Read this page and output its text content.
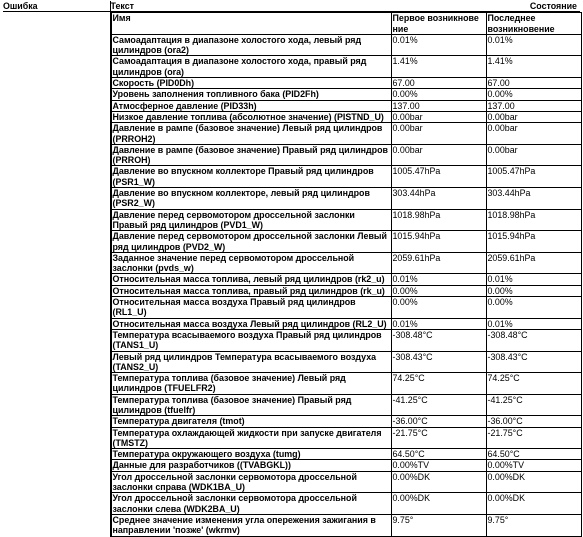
Ошибка	Текст	Состояние

Имя	Первое возникнове ние	Последнее возникновение
Самоадаптация в диапазоне холостого хода, левый ряд цилиндров (ora2)	0.01%	0.01%
Самоадаптация в диапазоне холостого хода, правый ряд цилиндров (ora)	1.41%	1.41%
Скорость (PID0Dh)	67.00	67.00
Уровень заполнения топливного бака (PID2Fh)	0.00%	0.00%
Атмосферное давление (PID33h)	137.00	137.00
Низкое давление топлива (абсолютное значение) (PISTND_U)	0.00bar	0.00bar
Давление в рампе (базовое значение) Левый ряд цилиндров (PRROH2)	0.00bar	0.00bar
Давление в рампе (базовое значение) Правый ряд цилиндров (PRROH)	0.00bar	0.00bar
Давление во впускном коллекторе Правый ряд цилиндров (PSR1_W)	1005.47hPa	1005.47hPa
Давление во впускном коллекторе, левый ряд цилиндров (PSR2_W)	303.44hPa	303.44hPa
Давление перед сервомотором дроссельной заслонки Правый ряд цилиндров (PVD1_W)	1018.98hPa	1018.98hPa
Давление перед сервомотором дроссельной заслонки Левый ряд цилиндров (PVD2_W)	1015.94hPa	1015.94hPa
Заданное значение перед сервомотором дроссельной заслонки (pvds_w)	2059.61hPa	2059.61hPa
Относительная масса топлива, левый ряд цилиндров (rk2_u)	0.01%	0.01%
Относительная масса топлива, правый ряд цилиндров (rk_u)	0.00%	0.00%
Относительная масса воздуха Правый ряд цилиндров (RL1_U)	0.00%	0.00%
Относительная масса воздуха Левый ряд цилиндров (RL2_U)	0.01%	0.01%
Температура всасываемого воздуха Правый ряд цилиндров (TANS1_U)	-308.48°C	-308.48°C
Левый ряд цилиндров Температура всасываемого воздуха (TANS2_U)	-308.43°C	-308.43°C
Температура топлива (базовое значение) Левый ряд цилиндров (TFUELFR2)	74.25°C	74.25°C
Температура топлива (базовое значение) Правый ряд цилиндров (tfuelfr)	-41.25°C	-41.25°C
Температура двигателя (tmot)	-36.00°C	-36.00°C
Температура охлаждающей жидкости при запуске двигателя (TMSTZ)	-21.75°C	-21.75°C
Температура окружающего воздуха (tumg)	64.50°C	64.50°C
Данные для разработчиков ((TVABGKL))	0.00%TV	0.00%TV
Угол дроссельной заслонки сервомотора дроссельной заслонки справа (WDK1BA_U)	0.00%DK	0.00%DK
Угол дроссельной заслонки сервомотора дроссельной заслонки слева (WDK2BA_U)	0.00%DK	0.00%DK
Среднее значение изменения угла опережения зажигания в направлении 'позже' (wkrmv)	9.75°	9.75°
